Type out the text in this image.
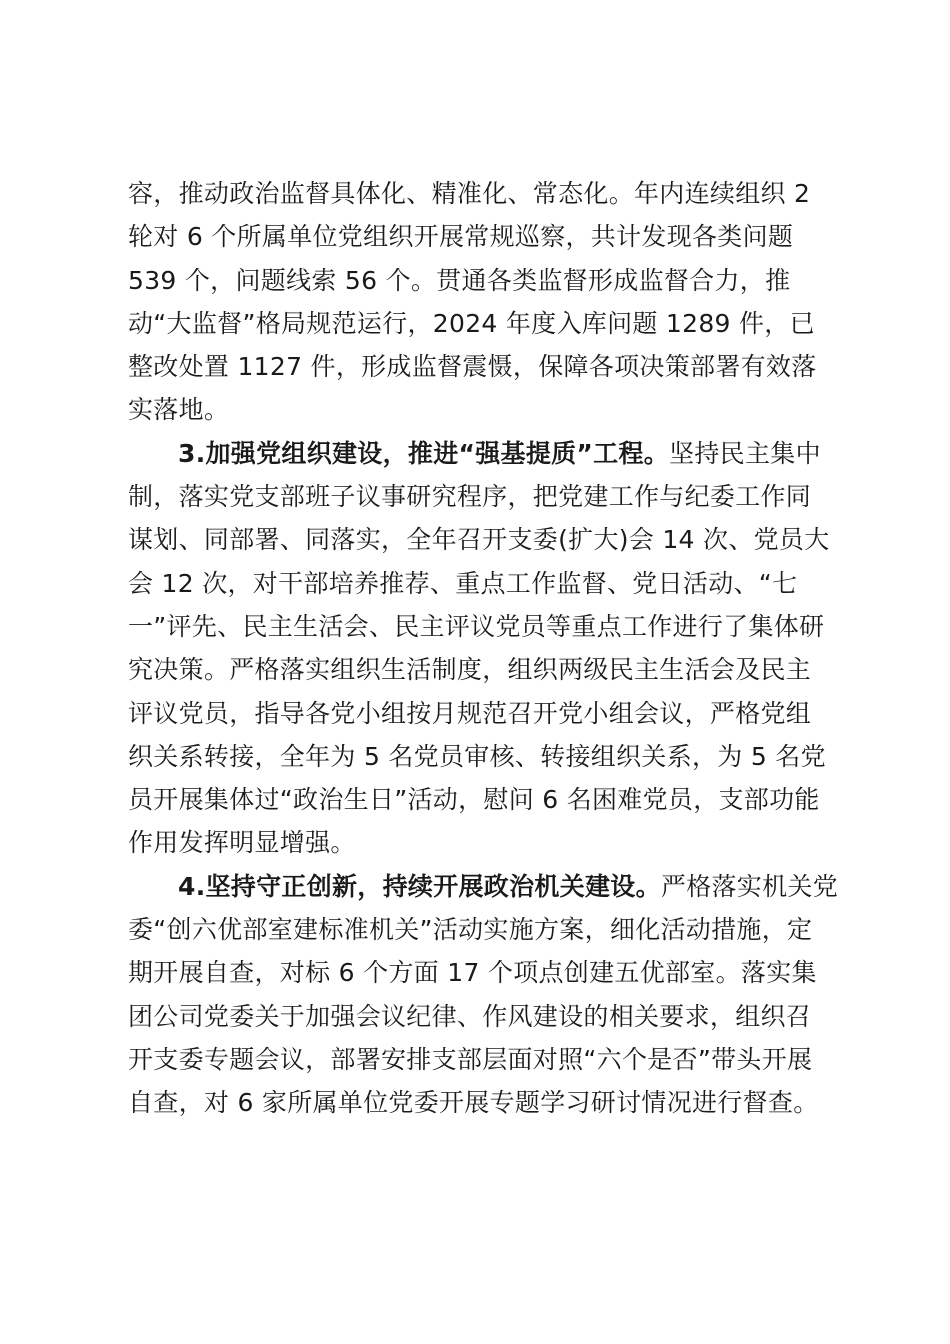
容，推动政治监督具体化、精准化、常态化。年内连续组织 2
轮对 6 个所属单位党组织开展常规巡察，共计发现各类问题
539 个，问题线索 56 个。贯通各类监督形成监督合力，推
动“大监督”格局规范运行，2024 年度入库问题 1289 件，已
整改处置 1127 件，形成监督震慑，保障各项决策部署有效落
实落地。
3.加强党组织建设，推进“强基提质”工程。坚持民主集中
制，落实党支部班子议事研究程序，把党建工作与纪委工作同
谋划、同部署、同落实，全年召开支委(扩大)会 14 次、党员大
会 12 次，对干部培养推荐、重点工作监督、党日活动、“七
一”评先、民主生活会、民主评议党员等重点工作进行了集体研
究决策。严格落实组织生活制度，组织两级民主生活会及民主
评议党员，指导各党小组按月规范召开党小组会议，严格党组
织关系转接，全年为 5 名党员审核、转接组织关系，为 5 名党
员开展集体过“政治生日”活动，慰问 6 名困难党员，支部功能
作用发挥明显增强。
4.坚持守正创新，持续开展政治机关建设。严格落实机关党
委“创六优部室建标准机关”活动实施方案，细化活动措施，定
期开展自查，对标 6 个方面 17 个项点创建五优部室。落实集
团公司党委关于加强会议纪律、作风建设的相关要求，组织召
开支委专题会议，部署安排支部层面对照“六个是否”带头开展
自查，对 6 家所属单位党委开展专题学习研讨情况进行督查。
